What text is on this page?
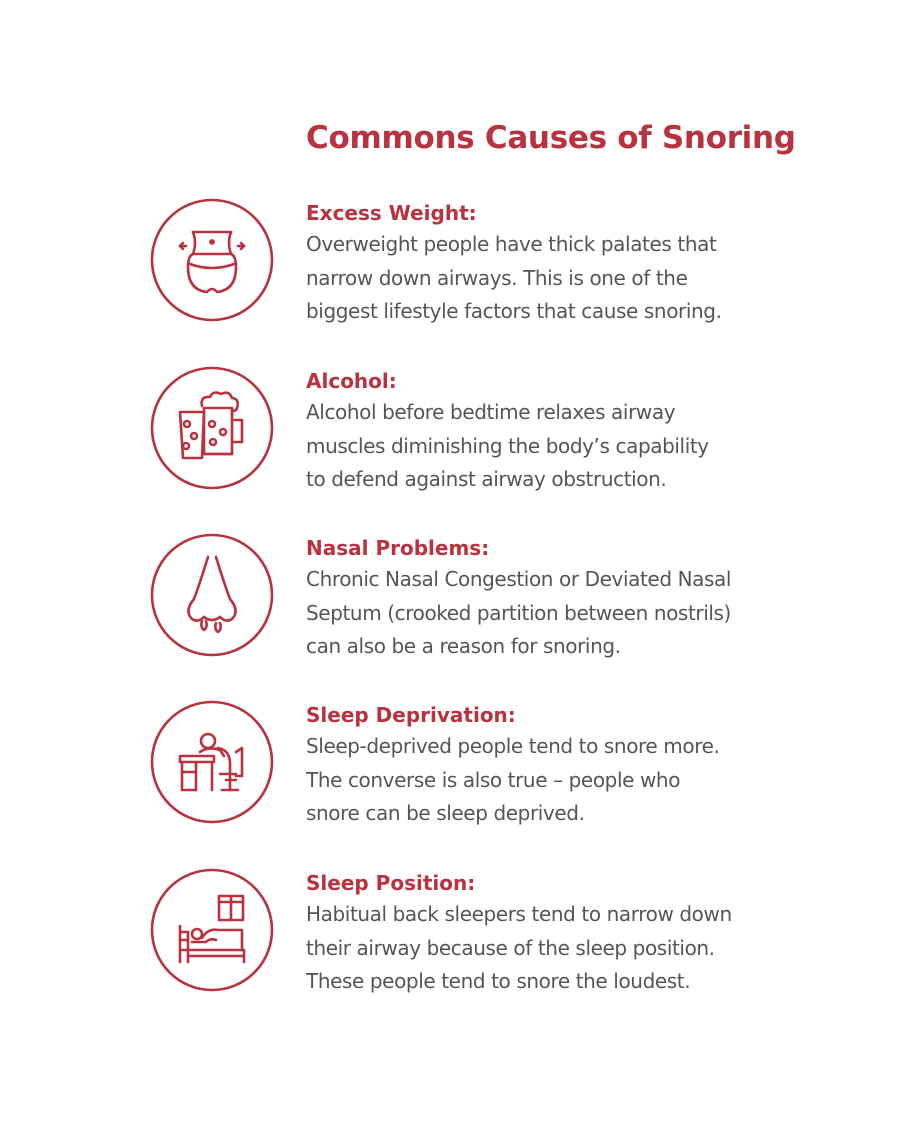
Commons Causes of Snoring
Excess Weight:
Overweight people have thick palates that
narrow down airways. This is one of the
biggest lifestyle factors that cause snoring.
Alcohol:
Alcohol before bedtime relaxes airway
muscles diminishing the body’s capability
to defend against airway obstruction.
Nasal Problems:
Chronic Nasal Congestion or Deviated Nasal
Septum (crooked partition between nostrils)
can also be a reason for snoring.
Sleep Deprivation:
Sleep-deprived people tend to snore more.
The converse is also true – people who
snore can be sleep deprived.
Sleep Position:
Habitual back sleepers tend to narrow down
their airway because of the sleep position.
These people tend to snore the loudest.
